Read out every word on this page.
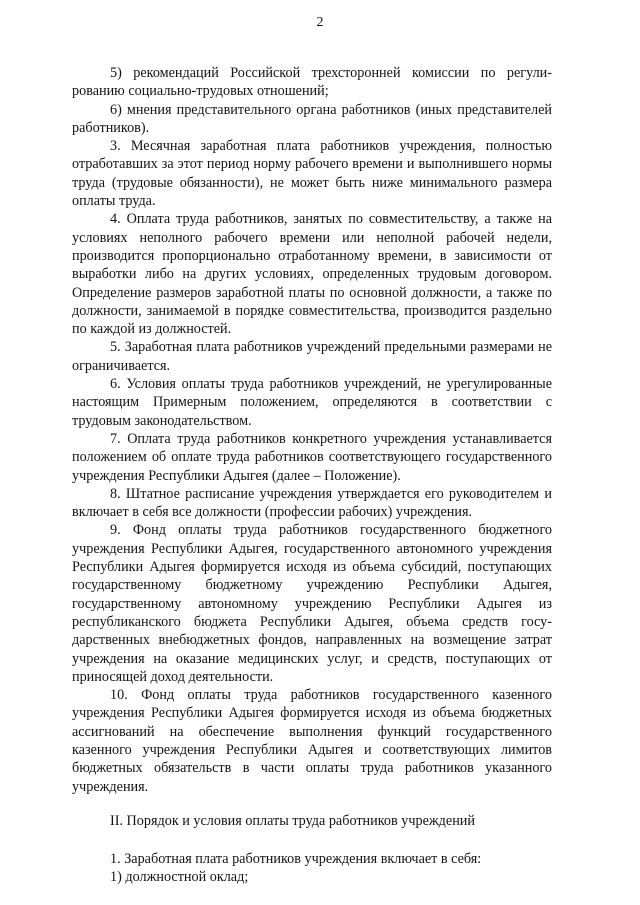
2

5) рекомендаций Российской трехсторонней комиссии по регулированию социально-трудовых отношений;

6) мнения представительного органа работников (иных представителей работников).

3. Месячная заработная плата работников учреждения, полностью отработавших за этот период норму рабочего времени и выполнившего нормы труда (трудовые обязанности), не может быть ниже минимального размера оплаты труда.

4. Оплата труда работников, занятых по совместительству, а также на условиях неполного рабочего времени или неполной рабочей недели, производится пропорционально отработанному времени, в зависимости от выработки либо на других условиях, определенных трудовым договором. Определение размеров заработной платы по основной должности, а также по должности, занимаемой в порядке совместительства, производится раздельно по каждой из должностей.

5. Заработная плата работников учреждений предельными размерами не ограничивается.

6. Условия оплаты труда работников учреждений, не урегулированные настоящим Примерным положением, определяются в соответствии с трудовым законодательством.

7. Оплата труда работников конкретного учреждения устанавливается положением об оплате труда работников соответствующего государственного учреждения Республики Адыгея (далее – Положение).

8. Штатное расписание учреждения утверждается его руководителем и включает в себя все должности (профессии рабочих) учреждения.

9. Фонд оплаты труда работников государственного бюджетного учреждения Республики Адыгея, государственного автономного учреждения Республики Адыгея формируется исходя из объема субсидий, поступающих государственному бюджетному учреждению Республики Адыгея, государственному автономному учреждению Республики Адыгея из республиканского бюджета Республики Адыгея, объема средств государственных внебюджетных фондов, направленных на возмещение затрат учреждения на оказание медицинских услуг, и средств, поступающих от приносящей доход деятельности.

10. Фонд оплаты труда работников государственного казенного учреждения Республики Адыгея формируется исходя из объема бюджетных ассигнований на обеспечение выполнения функций государственного казенного учреждения Республики Адыгея и соответствующих лимитов бюджетных обязательств в части оплаты труда работников указанного учреждения.

II. Порядок и условия оплаты труда работников учреждений

1. Заработная плата работников учреждения включает в себя:

1) должностной оклад;
